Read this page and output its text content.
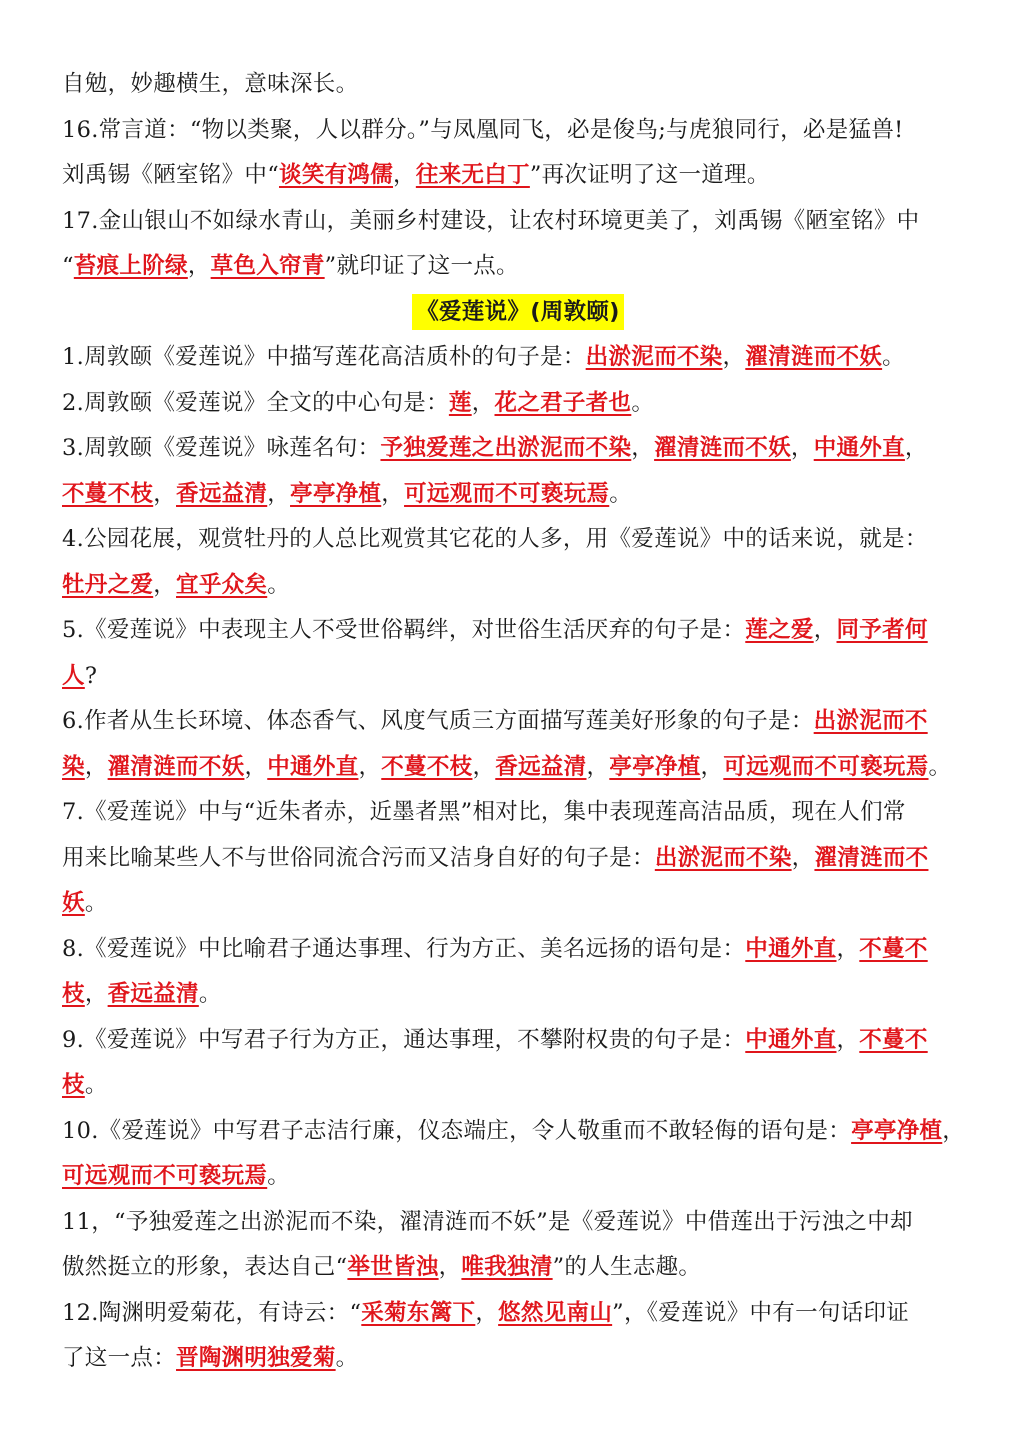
自勉，妙趣横生，意味深长。
16.常言道：“物以类聚，人以群分。”与凤凰同飞，必是俊鸟;与虎狼同行，必是猛兽!
刘禹锡《陋室铭》中“谈笑有鸿儒，往来无白丁”再次证明了这一道理。
17.金山银山不如绿水青山，美丽乡村建设，让农村环境更美了，刘禹锡《陋室铭》中
“苔痕上阶绿，草色入帘青”就印证了这一点。
《爱莲说》(周敦颐)
1.周敦颐《爱莲说》中描写莲花高洁质朴的句子是：出淤泥而不染，濯清涟而不妖。
2.周敦颐《爱莲说》全文的中心句是：莲，花之君子者也。
3.周敦颐《爱莲说》咏莲名句：予独爱莲之出淤泥而不染，濯清涟而不妖，中通外直，
不蔓不枝，香远益清，亭亭净植，可远观而不可亵玩焉。
4.公园花展，观赏牡丹的人总比观赏其它花的人多，用《爱莲说》中的话来说，就是：
牡丹之爱，宜乎众矣。
5.《爱莲说》中表现主人不受世俗羁绊，对世俗生活厌弃的句子是：莲之爱，同予者何
人?
6.作者从生长环境、体态香气、风度气质三方面描写莲美好形象的句子是：出淤泥而不
染，濯清涟而不妖，中通外直，不蔓不枝，香远益清，亭亭净植，可远观而不可亵玩焉。
7.《爱莲说》中与“近朱者赤，近墨者黑”相对比，集中表现莲高洁品质，现在人们常
用来比喻某些人不与世俗同流合污而又洁身自好的句子是：出淤泥而不染，濯清涟而不
妖。
8.《爱莲说》中比喻君子通达事理、行为方正、美名远扬的语句是：中通外直，不蔓不
枝，香远益清。
9.《爱莲说》中写君子行为方正，通达事理，不攀附权贵的句子是：中通外直，不蔓不
枝。
10.《爱莲说》中写君子志洁行廉，仪态端庄，令人敬重而不敢轻侮的语句是：亭亭净植，
可远观而不可亵玩焉。
11，“予独爱莲之出淤泥而不染，濯清涟而不妖”是《爱莲说》中借莲出于污浊之中却
傲然挺立的形象，表达自己“举世皆浊，唯我独清”的人生志趣。
12.陶渊明爱菊花，有诗云：“采菊东篱下，悠然见南山”，《爱莲说》中有一句话印证
了这一点：晋陶渊明独爱菊。
